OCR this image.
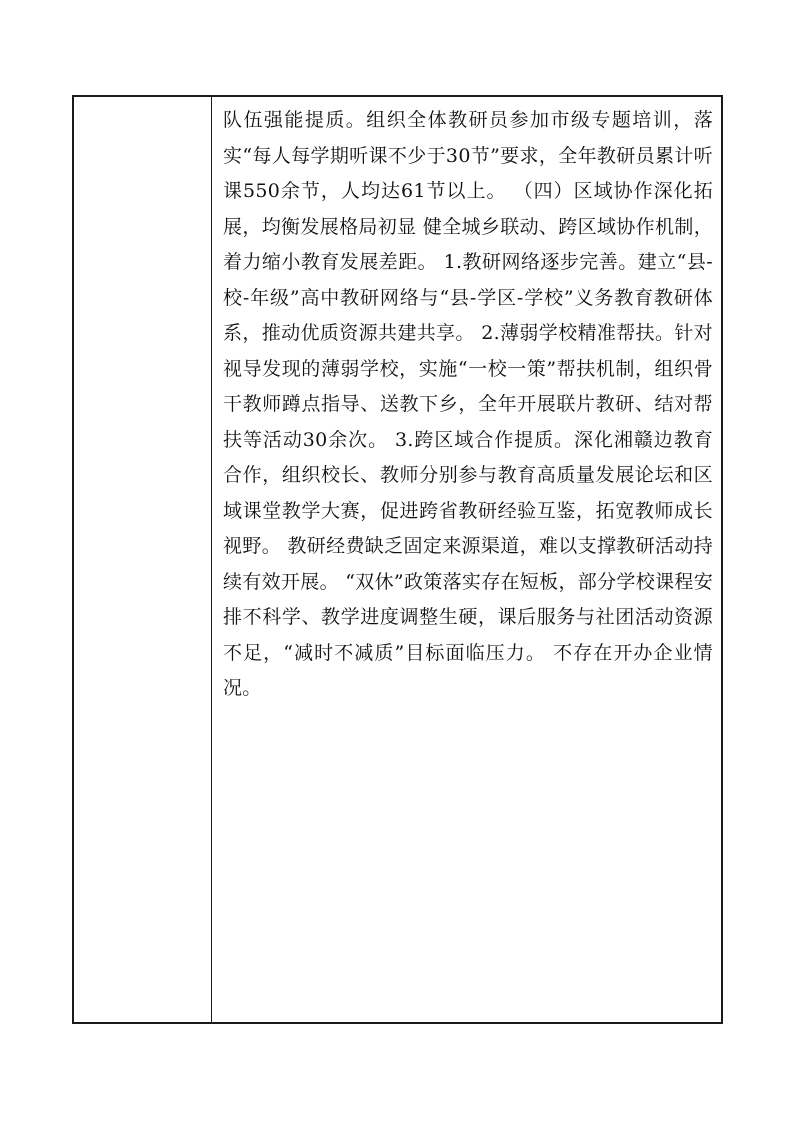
队伍强能提质。组织全体教研员参加市级专题培训，落实“每人每学期听课不少于30节”要求，全年教研员累计听课550余节，人均达61节以上。 （四）区域协作深化拓展，均衡发展格局初显 健全城乡联动、跨区域协作机制，着力缩小教育发展差距。 1.教研网络逐步完善。建立“县-校-年级”高中教研网络与“县-学区-学校”义务教育教研体系，推动优质资源共建共享。 2.薄弱学校精准帮扶。针对视导发现的薄弱学校，实施“一校一策”帮扶机制，组织骨干教师蹲点指导、送教下乡，全年开展联片教研、结对帮扶等活动30余次。 3.跨区域合作提质。深化湘赣边教育合作，组织校长、教师分别参与教育高质量发展论坛和区域课堂教学大赛，促进跨省教研经验互鉴，拓宽教师成长视野。 教研经费缺乏固定来源渠道，难以支撑教研活动持续有效开展。 “双休”政策落实存在短板，部分学校课程安排不科学、教学进度调整生硬，课后服务与社团活动资源不足，“减时不减质”目标面临压力。 不存在开办企业情况。
